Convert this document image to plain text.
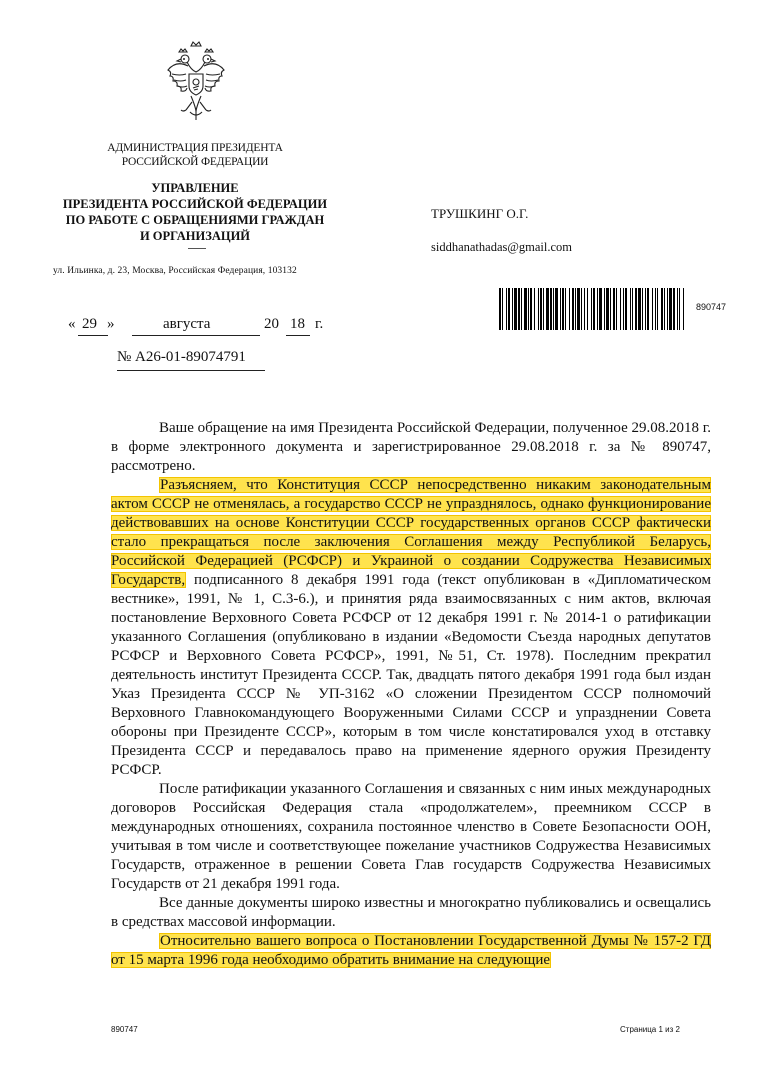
АДМИНИСТРАЦИЯ ПРЕЗИДЕНТА
РОССИЙСКОЙ ФЕДЕРАЦИИ
УПРАВЛЕНИЕ
ПРЕЗИДЕНТА РОССИЙСКОЙ ФЕДЕРАЦИИ
ПО РАБОТЕ С ОБРАЩЕНИЯМИ ГРАЖДАН
И ОРГАНИЗАЦИЙ
ул. Ильинка, д. 23, Москва, Российская Федерация, 103132
ТРУШКИНГ О.Г.
siddhanathadas@gmail.com
890747
« 29 »	августа	20 18 г.
№ А26-01-89074791

Ваше обращение на имя Президента Российской Федерации, полученное 29.08.2018 г. в форме электронного документа и зарегистрированное 29.08.2018 г. за № 890747, рассмотрено.

Разъясняем, что Конституция СССР непосредственно никаким законодательным актом СССР не отменялась, а государство СССР не упразднялось, однако функционирование действовавших на основе Конституции СССР государственных органов СССР фактически стало прекращаться после заключения Соглашения между Республикой Беларусь, Российской Федерацией (РСФСР) и Украиной о создании Содружества Независимых Государств, подписанного 8 декабря 1991 года (текст опубликован в «Дипломатическом вестнике», 1991, № 1, С.3-6.), и принятия ряда взаимосвязанных с ним актов, включая постановление Верховного Совета РСФСР от 12 декабря 1991 г. № 2014-1 о ратификации указанного Соглашения (опубликовано в издании «Ведомости Съезда народных депутатов РСФСР и Верховного Совета РСФСР», 1991, №51, Ст. 1978). Последним прекратил деятельность институт Президента СССР. Так, двадцать пятого декабря 1991 года был издан Указ Президента СССР № УП-3162 «О сложении Президентом СССР полномочий Верховного Главнокомандующего Вооруженными Силами СССР и упразднении Совета обороны при Президенте СССР», которым в том числе констатировался уход в отставку Президента СССР и передавалось право на применение ядерного оружия Президенту РСФСР.

После ратификации указанного Соглашения и связанных с ним иных международных договоров Российская Федерация стала «продолжателем», преемником СССР в международных отношениях, сохранила постоянное членство в Совете Безопасности ООН, учитывая в том числе и соответствующее пожелание участников Содружества Независимых Государств, отраженное в решении Совета Глав государств Содружества Независимых Государств от 21 декабря 1991 года.

Все данные документы широко известны и многократно публиковались и освещались в средствах массовой информации.

Относительно вашего вопроса о Постановлении Государственной Думы № 157-2 ГД от 15 марта 1996 года необходимо обратить внимание на следующие

890747	Страница 1 из 2
